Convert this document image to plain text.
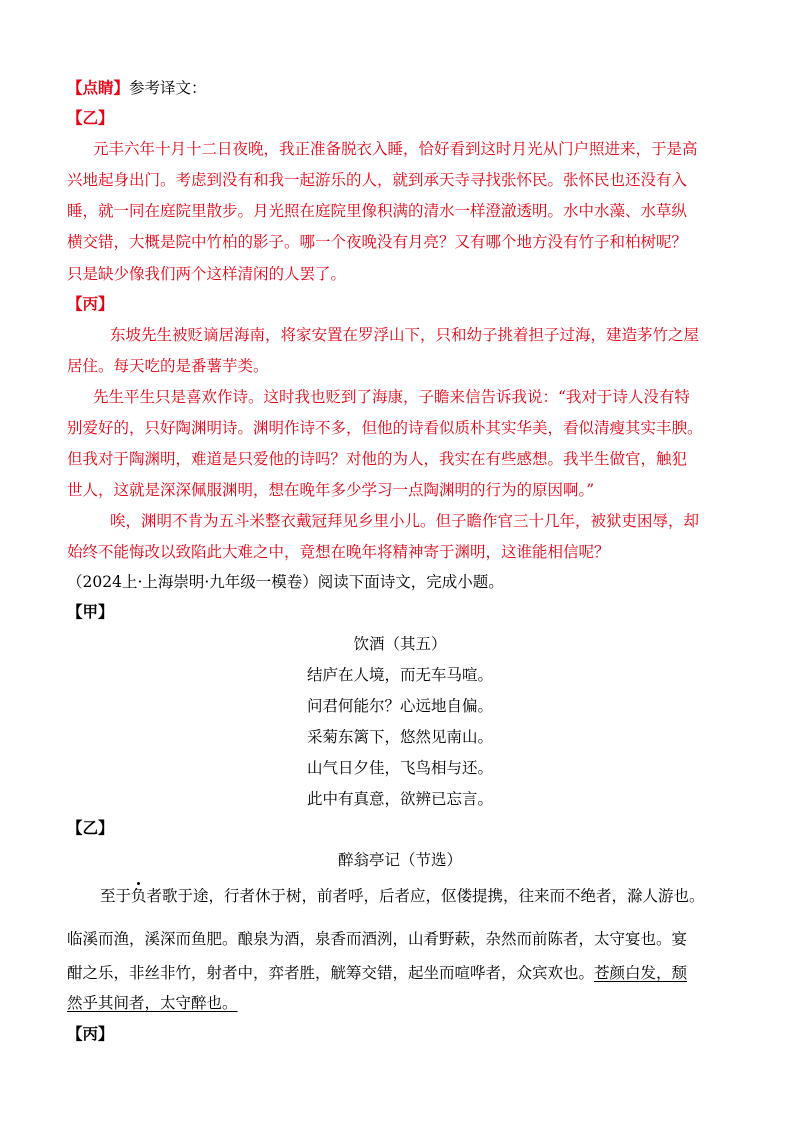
【点睛】参考译文：
【乙】
元丰六年十月十二日夜晚，我正准备脱衣入睡，恰好看到这时月光从门户照进来，于是高
兴地起身出门。考虑到没有和我一起游乐的人，就到承天寺寻找张怀民。张怀民也还没有入
睡，就一同在庭院里散步。月光照在庭院里像积满的清水一样澄澈透明。水中水藻、水草纵
横交错，大概是院中竹柏的影子。哪一个夜晚没有月亮？又有哪个地方没有竹子和柏树呢？
只是缺少像我们两个这样清闲的人罢了。
【丙】
东坡先生被贬谪居海南，将家安置在罗浮山下，只和幼子挑着担子过海，建造茅竹之屋
居住。每天吃的是番薯芋类。
先生平生只是喜欢作诗。这时我也贬到了海康，子瞻来信告诉我说：“我对于诗人没有特
别爱好的，只好陶渊明诗。渊明作诗不多，但他的诗看似质朴其实华美，看似清瘦其实丰腴。
但我对于陶渊明，难道是只爱他的诗吗？对他的为人，我实在有些感想。我半生做官，触犯
世人，这就是深深佩服渊明，想在晚年多少学习一点陶渊明的行为的原因啊。”
唉，渊明不肯为五斗米整衣戴冠拜见乡里小儿。但子瞻作官三十几年，被狱吏困辱，却
始终不能悔改以致陷此大难之中，竟想在晚年将精神寄于渊明，这谁能相信呢？
（2024上·上海崇明·九年级一模卷）阅读下面诗文，完成小题。
【甲】
饮酒（其五）
结庐在人境，而无车马喧。
问君何能尔？心远地自偏。
采菊东篱下，悠然见南山。
山气日夕佳，飞鸟相与还。
此中有真意，欲辨已忘言。
【乙】
醉翁亭记（节选）
至于负者歌于途，行者休于树，前者呼，后者应，伛偻提携，往来而不绝者，滁人游也。
临溪而渔，溪深而鱼肥。酿泉为酒，泉香而酒洌，山肴野蔌，杂然而前陈者，太守宴也。宴
酣之乐，非丝非竹，射者中，弈者胜，觥筹交错，起坐而喧哗者，众宾欢也。苍颜白发，颓
然乎其间者，太守醉也。
【丙】
